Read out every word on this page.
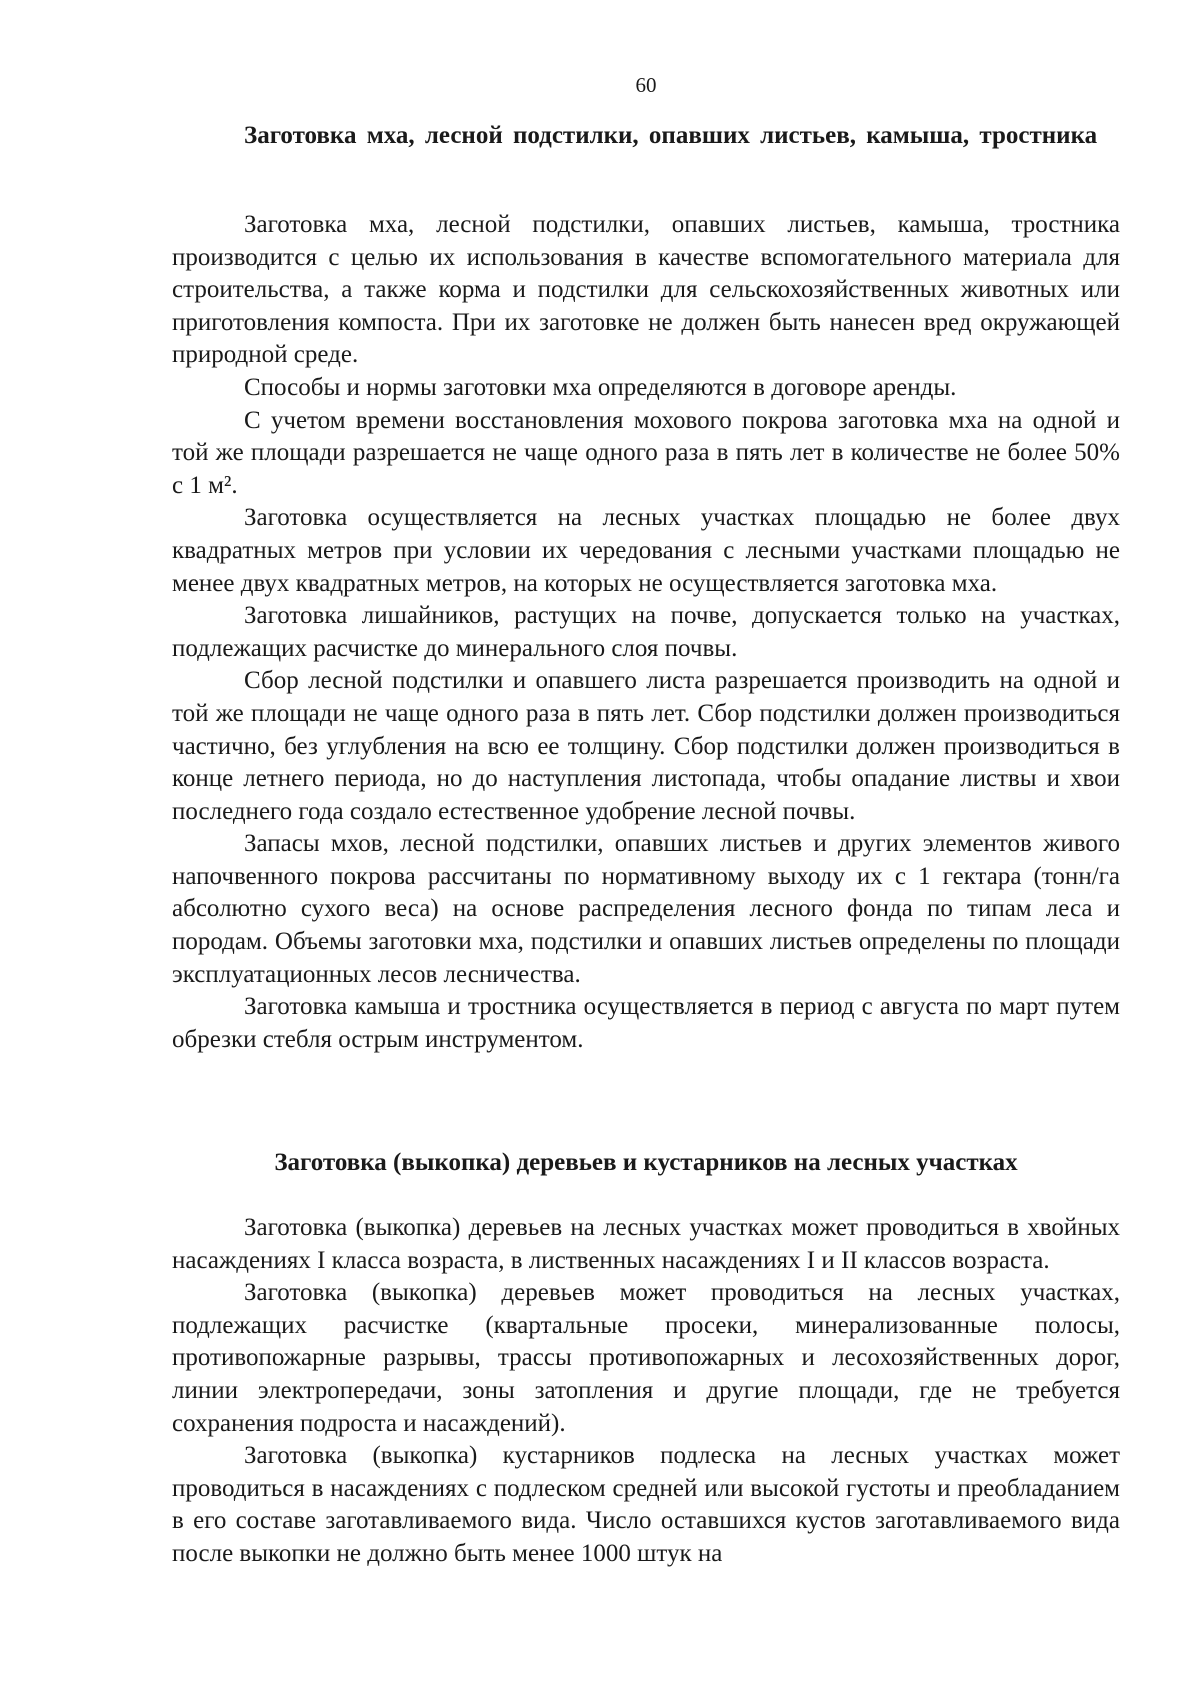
60
Заготовка мха, лесной подстилки, опавших листьев, камыша, тростника

Заготовка мха, лесной подстилки, опавших листьев, камыша, тростника производится с целью их использования в качестве вспомогательного материала для строительства, а также корма и подстилки для сельскохозяйственных животных или приготовления компоста. При их заготовке не должен быть нанесен вред окружающей природной среде.

Способы и нормы заготовки мха определяются в договоре аренды.

С учетом времени восстановления мохового покрова заготовка мха на одной и той же площади разрешается не чаще одного раза в пять лет в количестве не более 50% с 1 м².

Заготовка осуществляется на лесных участках площадью не более двух квадратных метров при условии их чередования с лесными участками площадью не менее двух квадратных метров, на которых не осуществляется заготовка мха.

Заготовка лишайников, растущих на почве, допускается только на участках, подлежащих расчистке до минерального слоя почвы.

Сбор лесной подстилки и опавшего листа разрешается производить на одной и той же площади не чаще одного раза в пять лет. Сбор подстилки должен производиться частично, без углубления на всю ее толщину. Сбор подстилки должен производиться в конце летнего периода, но до наступления листопада, чтобы опадание листвы и хвои последнего года создало естественное удобрение лесной почвы.

Запасы мхов, лесной подстилки, опавших листьев и других элементов живого напочвенного покрова рассчитаны по нормативному выходу их с 1 гектара (тонн/га абсолютно сухого веса) на основе распределения лесного фонда по типам леса и породам. Объемы заготовки мха, подстилки и опавших листьев определены по площади эксплуатационных лесов лесничества.

Заготовка камыша и тростника осуществляется в период с августа по март путем обрезки стебля острым инструментом.

Заготовка (выкопка) деревьев и кустарников на лесных участках

Заготовка (выкопка) деревьев на лесных участках может проводиться в хвойных насаждениях I класса возраста, в лиственных насаждениях I и II классов возраста.

Заготовка (выкопка) деревьев может проводиться на лесных участках, подлежащих расчистке (квартальные просеки, минерализованные полосы, противопожарные разрывы, трассы противопожарных и лесохозяйственных дорог, линии электропередачи, зоны затопления и другие площади, где не требуется сохранения подроста и насаждений).

Заготовка (выкопка) кустарников подлеска на лесных участках может проводиться в насаждениях с подлеском средней или высокой густоты и преобладанием в его составе заготавливаемого вида. Число оставшихся кустов заготавливаемого вида после выкопки не должно быть менее 1000 штук на
